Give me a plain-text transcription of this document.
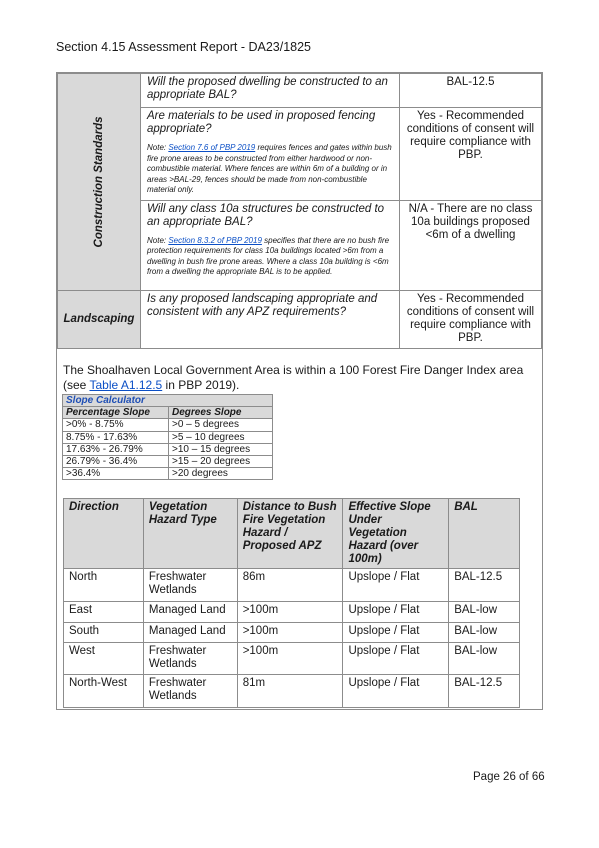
Section 4.15 Assessment Report - DA23/1825
Construction Standards	Will the proposed dwelling be constructed to an appropriate BAL?	BAL-12.5

	Are materials to be used in proposed fencing appropriate?
Note: Section 7.6 of PBP 2019 requires fences and gates within bush fire prone areas to be constructed from either hardwood or non-combustible material. Where fences are within 6m of a building or in areas >BAL-29, fences should be made from non-combustible material only.	Yes - Recommended conditions of consent will require compliance with PBP.

	Will any class 10a structures be constructed to an appropriate BAL?
Note: Section 8.3.2 of PBP 2019 specifies that there are no bush fire protection requirements for class 10a buildings located >6m from a dwelling in bush fire prone areas. Where a class 10a building is <6m from a dwelling the appropriate BAL is to be applied.	N/A - There are no class 10a buildings proposed <6m of a dwelling

Landscaping	Is any proposed landscaping appropriate and consistent with any APZ requirements?	Yes - Recommended conditions of consent will require compliance with PBP.
The Shoalhaven Local Government Area is within a 100 Forest Fire Danger Index area (see Table A1.12.5 in PBP 2019).
Slope Calculator	
Percentage Slope	Degrees Slope
>0% - 8.75%	>0 – 5 degrees
8.75% - 17.63%	>5 – 10 degrees
17.63% - 26.79%	>10 – 15 degrees
26.79% - 36.4%	>15 – 20 degrees
>36.4%	>20 degrees
Direction	Vegetation Hazard Type	Distance to Bush Fire Vegetation Hazard / Proposed APZ	Effective Slope Under Vegetation Hazard (over 100m)	BAL
North	Freshwater Wetlands	86m	Upslope / Flat	BAL-12.5
East	Managed Land	>100m	Upslope / Flat	BAL-low
South	Managed Land	>100m	Upslope / Flat	BAL-low
West	Freshwater Wetlands	>100m	Upslope / Flat	BAL-low
North-West	Freshwater Wetlands	81m	Upslope / Flat	BAL-12.5
Page 26 of 66
